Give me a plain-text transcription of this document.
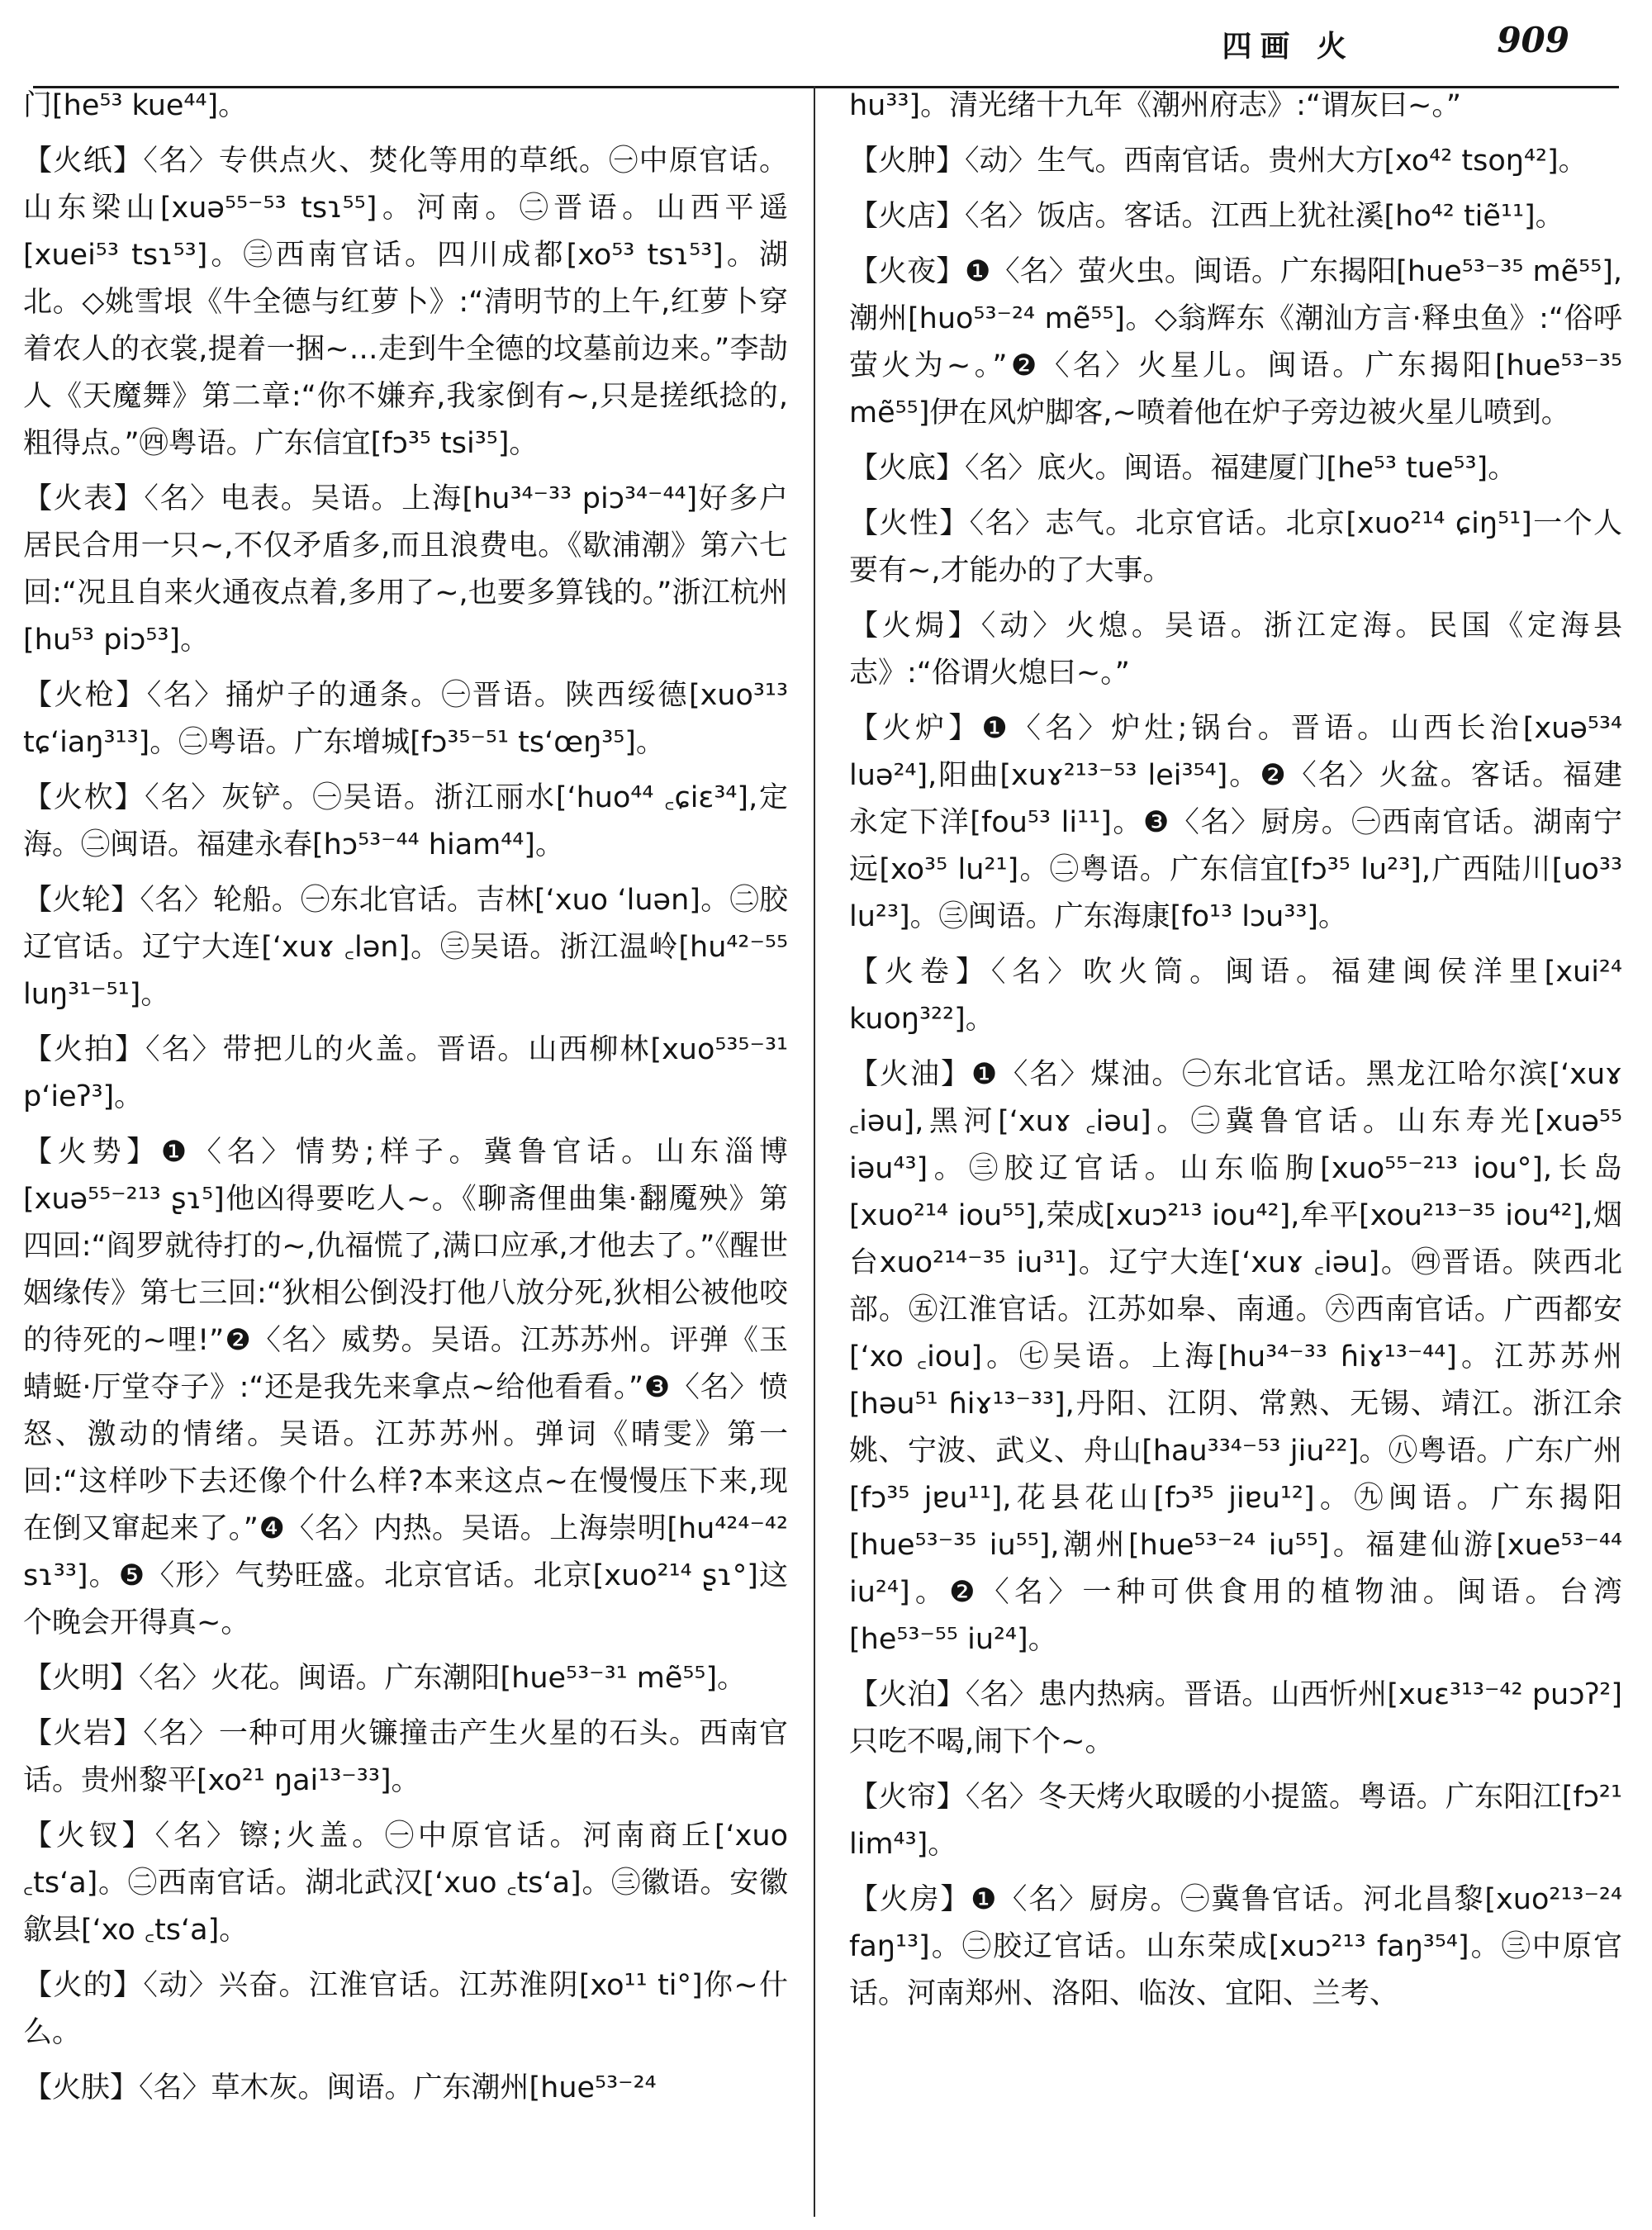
四画 火	909

门[he⁵³ kue⁴⁴]。

【火纸】〈名〉专供点火、焚化等用的草纸。㊀中原官话。山东梁山[xuə⁵⁵⁻⁵³ tsɿ⁵⁵]。河南。㊁晋语。山西平遥[xuei⁵³ tsɿ⁵³]。㊂西南官话。四川成都[xo⁵³ tsɿ⁵³]。湖北。◇姚雪垠《牛全德与红萝卜》:“清明节的上午,红萝卜穿着农人的衣裳,提着一捆~…走到牛全德的坟墓前边来。”李劼人《天魔舞》第二章:“你不嫌弃,我家倒有~,只是搓纸捻的,粗得点。”㊃粤语。广东信宜[fɔ³⁵ tsi³⁵]。

【火表】〈名〉电表。吴语。上海[hu³⁴⁻³³ piɔ³⁴⁻⁴⁴]好多户居民合用一只~,不仅矛盾多,而且浪费电。《歇浦潮》第六七回:“况且自来火通夜点着,多用了~,也要多算钱的。”浙江杭州[hu⁵³ piɔ⁵³]。

【火枪】〈名〉捅炉子的通条。㊀晋语。陕西绥德[xuo³¹³ tɕʻiaŋ³¹³]。㊁粤语。广东增城[fɔ³⁵⁻⁵¹ tsʻœŋ³⁵]。

【火杴】〈名〉灰铲。㊀吴语。浙江丽水[ʻhuo⁴⁴ ꜀ɕiɛ³⁴],定海。㊁闽语。福建永春[hɔ⁵³⁻⁴⁴ hiam⁴⁴]。

【火轮】〈名〉轮船。㊀东北官话。吉林[ʻxuo ʻluən]。㊁胶辽官话。辽宁大连[ʻxuɤ ꜀lən]。㊂吴语。浙江温岭[hu⁴²⁻⁵⁵ luŋ³¹⁻⁵¹]。

【火拍】〈名〉带把儿的火盖。晋语。山西柳林[xuo⁵³⁵⁻³¹ pʻieʔ³]。

【火势】❶〈名〉情势;样子。冀鲁官话。山东淄博[xuə⁵⁵⁻²¹³ ʂɿ⁵]他凶得要吃人~。《聊斋俚曲集·翻魇殃》第四回:“阎罗就待打的~,仇福慌了,满口应承,才他去了。”《醒世姻缘传》第七三回:“狄相公倒没打他八放分死,狄相公被他咬的待死的~哩!”❷〈名〉威势。吴语。江苏苏州。评弹《玉蜻蜓·厅堂夺子》:“还是我先来拿点~给他看看。”❸〈名〉愤怒、激动的情绪。吴语。江苏苏州。弹词《晴雯》第一回:“这样吵下去还像个什么样?本来这点~在慢慢压下来,现在倒又窜起来了。”❹〈名〉内热。吴语。上海崇明[hu⁴²⁴⁻⁴² sɿ³³]。❺〈形〉气势旺盛。北京官话。北京[xuo²¹⁴ ʂɿ°]这个晚会开得真~。

【火明】〈名〉火花。闽语。广东潮阳[hue⁵³⁻³¹ mẽ⁵⁵]。

【火岩】〈名〉一种可用火镰撞击产生火星的石头。西南官话。贵州黎平[xo²¹ ŋai¹³⁻³³]。

【火钗】〈名〉镲;火盖。㊀中原官话。河南商丘[ʻxuo ꜀tsʻa]。㊁西南官话。湖北武汉[ʻxuo ꜀tsʻa]。㊂徽语。安徽歙县[ʻxo ꜀tsʻa]。

【火的】〈动〉兴奋。江淮官话。江苏淮阴[xo¹¹ ti°]你~什么。

【火肤】〈名〉草木灰。闽语。广东潮州[hue⁵³⁻²⁴

hu³³]。清光绪十九年《潮州府志》:“谓灰曰~。”

【火肿】〈动〉生气。西南官话。贵州大方[xo⁴² tsoŋ⁴²]。

【火店】〈名〉饭店。客话。江西上犹社溪[ho⁴² tiẽ¹¹]。

【火夜】❶〈名〉萤火虫。闽语。广东揭阳[hue⁵³⁻³⁵ mẽ⁵⁵],潮州[huo⁵³⁻²⁴ mẽ⁵⁵]。◇翁辉东《潮汕方言·释虫鱼》:“俗呼萤火为~。”❷〈名〉火星儿。闽语。广东揭阳[hue⁵³⁻³⁵ mẽ⁵⁵]伊在风炉脚客,~喷着他在炉子旁边被火星儿喷到。

【火底】〈名〉底火。闽语。福建厦门[he⁵³ tue⁵³]。

【火性】〈名〉志气。北京官话。北京[xuo²¹⁴ ɕiŋ⁵¹]一个人要有~,才能办的了大事。

【火焗】〈动〉火熄。吴语。浙江定海。民国《定海县志》:“俗谓火熄曰~。”

【火炉】❶〈名〉炉灶;锅台。晋语。山西长治[xuə⁵³⁴ luə²⁴],阳曲[xuɤ²¹³⁻⁵³ lei³⁵⁴]。❷〈名〉火盆。客话。福建永定下洋[fou⁵³ li¹¹]。❸〈名〉厨房。㊀西南官话。湖南宁远[xo³⁵ lu²¹]。㊁粤语。广东信宜[fɔ³⁵ lu²³],广西陆川[uo³³ lu²³]。㊂闽语。广东海康[fo¹³ lɔu³³]。

【火卷】〈名〉吹火筒。闽语。福建闽侯洋里[xui²⁴ kuoŋ³²²]。

【火油】❶〈名〉煤油。㊀东北官话。黑龙江哈尔滨[ʻxuɤ ꜀iəu],黑河[ʻxuɤ ꜀iəu]。㊁冀鲁官话。山东寿光[xuə⁵⁵ iəu⁴³]。㊂胶辽官话。山东临朐[xuo⁵⁵⁻²¹³ iou°],长岛[xuo²¹⁴ iou⁵⁵],荣成[xuɔ²¹³ iou⁴²],牟平[xou²¹³⁻³⁵ iou⁴²],烟台xuo²¹⁴⁻³⁵ iu³¹]。辽宁大连[ʻxuɤ ꜀iəu]。㊃晋语。陕西北部。㊄江淮官话。江苏如皋、南通。㊅西南官话。广西都安[ʻxo ꜀iou]。㊆吴语。上海[hu³⁴⁻³³ ɦiɤ¹³⁻⁴⁴]。江苏苏州[həu⁵¹ ɦiɤ¹³⁻³³],丹阳、江阴、常熟、无锡、靖江。浙江余姚、宁波、武义、舟山[hau³³⁴⁻⁵³ jiu²²]。㊇粤语。广东广州[fɔ³⁵ jɐu¹¹],花县花山[fɔ³⁵ jiɐu¹²]。㊈闽语。广东揭阳[hue⁵³⁻³⁵ iu⁵⁵],潮州[hue⁵³⁻²⁴ iu⁵⁵]。福建仙游[xue⁵³⁻⁴⁴ iu²⁴]。❷〈名〉一种可供食用的植物油。闽语。台湾[he⁵³⁻⁵⁵ iu²⁴]。

【火泊】〈名〉患内热病。晋语。山西忻州[xuɛ³¹³⁻⁴² puɔʔ²]只吃不喝,闹下个~。

【火帘】〈名〉冬天烤火取暖的小提篮。粤语。广东阳江[fɔ²¹ lim⁴³]。

【火房】❶〈名〉厨房。㊀冀鲁官话。河北昌黎[xuo²¹³⁻²⁴ faŋ¹³]。㊁胶辽官话。山东荣成[xuɔ²¹³ faŋ³⁵⁴]。㊂中原官话。河南郑州、洛阳、临汝、宜阳、兰考、
